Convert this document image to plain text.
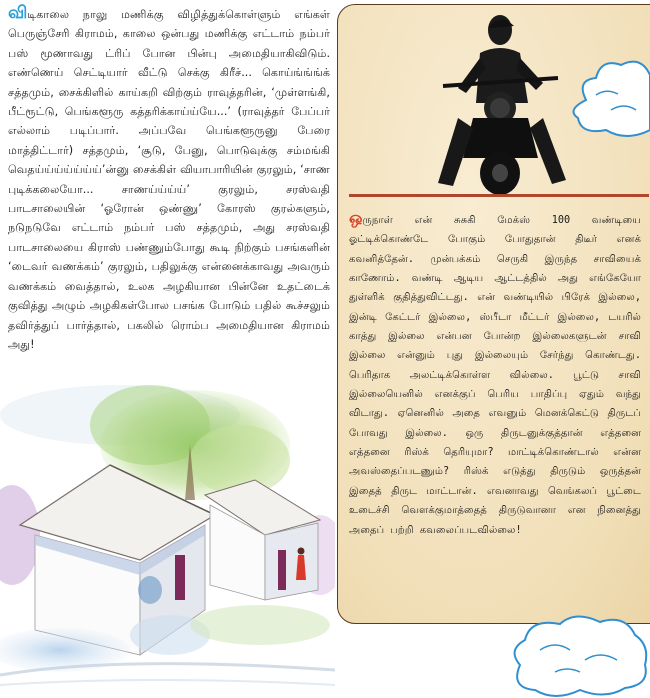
விடிகாலை நாலு மணிக்கு விழித்துக்கொள்ளும் எங்கள் பெருஞ்சேரி கிராமம், காலை ஒன்பது மணிக்கு எட்டாம் நம்பர் பஸ் மூணாவது ட்ரிப் போன பின்பு அமைதியாகிவிடும். எண்ணெய் செட்டியார் வீட்டு செக்கு கிரீச்... கொய்ங்ங்ங்க் சத்தமும், சைக்கிளில் காய்கறி விற்கும் ராவுத்தரின், ‘முள்ளங்கி, பீட்ரூட்டு, பெங்களூரு கத்தரிக்காய்ய்யே...’ (ராவுத்தர் பேப்பர் எல்லாம் படிப்பார். அப்பவே பெங்களூருனு பேரை மாத்திட்டார்) சத்தமும், ‘சூடு, பேனு, பொடுவுக்கு சம்மங்கி வெதய்ய்ய்ய்ய்ய்ய்’ன்னு சைக்கிள் வியாபாரியின் குரலும், ‘சாண புடிக்கலையோ... சாணய்ய்ய்ய்’ குரலும், சரஸ்வதி பாடசாலையின் ‘ஓரோன் ஒண்ணு’ கோரஸ் குரல்களும், நடுநடுவே எட்டாம் நம்பர் பஸ் சத்தமும், அது சரஸ்வதி பாடசாலையை கிராஸ் பண்ணும்போது கூடி நிற்கும் பசங்களின் ‘டைவர் வணக்கம்’ குரலும், பதிலுக்கு என்னைக்காவது அவரும் வணக்கம் வைத்தால், உலக அழகியான பின்னே உதட்டைக் குவித்து அழும் அழகிகள்போல பசங்க போடும் பதில் கூச்சலும் தவிர்த்துப் பார்த்தால், பகலில் ரொம்ப அமைதியான கிராமம் அது!
ஒருநாள் என் சுசுகி மேக்ஸ் 100 வண்டியை ஓட்டிக்கொண்டே போகும் போதுதான் திடீர் எனக் கவனித்தேன். முன்பக்கம் செருகி இருந்த சாவியைக் காணோம். வண்டி ஆடிய ஆட்டத்தில் அது எங்கேயோ துள்ளிக் குதித்துவிட்டது. என் வண்டியில் பிரேக் இல்லை, இன்டி கேட்டர் இல்லை, ஸ்பீடா மீட்டர் இல்லை, டயரில் காத்து இல்லை என்பன போன்ற இல்லைகளுடன் சாவி இல்லை என்னும் புது இல்லையும் சேர்ந்து கொண்டது. பெரிதாக அலட்டிக்கொள்ள வில்லை. பூட்டு சாவி இல்லையெனில் எனக்குப் பெரிய பாதிப்பு ஏதும் வந்து விடாது. ஏனெனில் அதை எவனும் மெனக்கெட்டு திருடப் போவது இல்லை. ஒரு திருடனுக்குத்தான் எத்தனை எத்தனை ரிஸ்க் தெரியுமா? மாட்டிக்கொண்டால் என்ன அவஸ்தைப்படணும்? ரிஸ்க் எடுத்து திருடும் ஒருத்தன் இதைத் திருட மாட்டான். எவனாவது வெங்கலப் பூட்டை உடைச்சி வௌக்குமாத்தைத் திருடுவானா என நினைத்து அதைப் பற்றி கவலைப்படவில்லை!
